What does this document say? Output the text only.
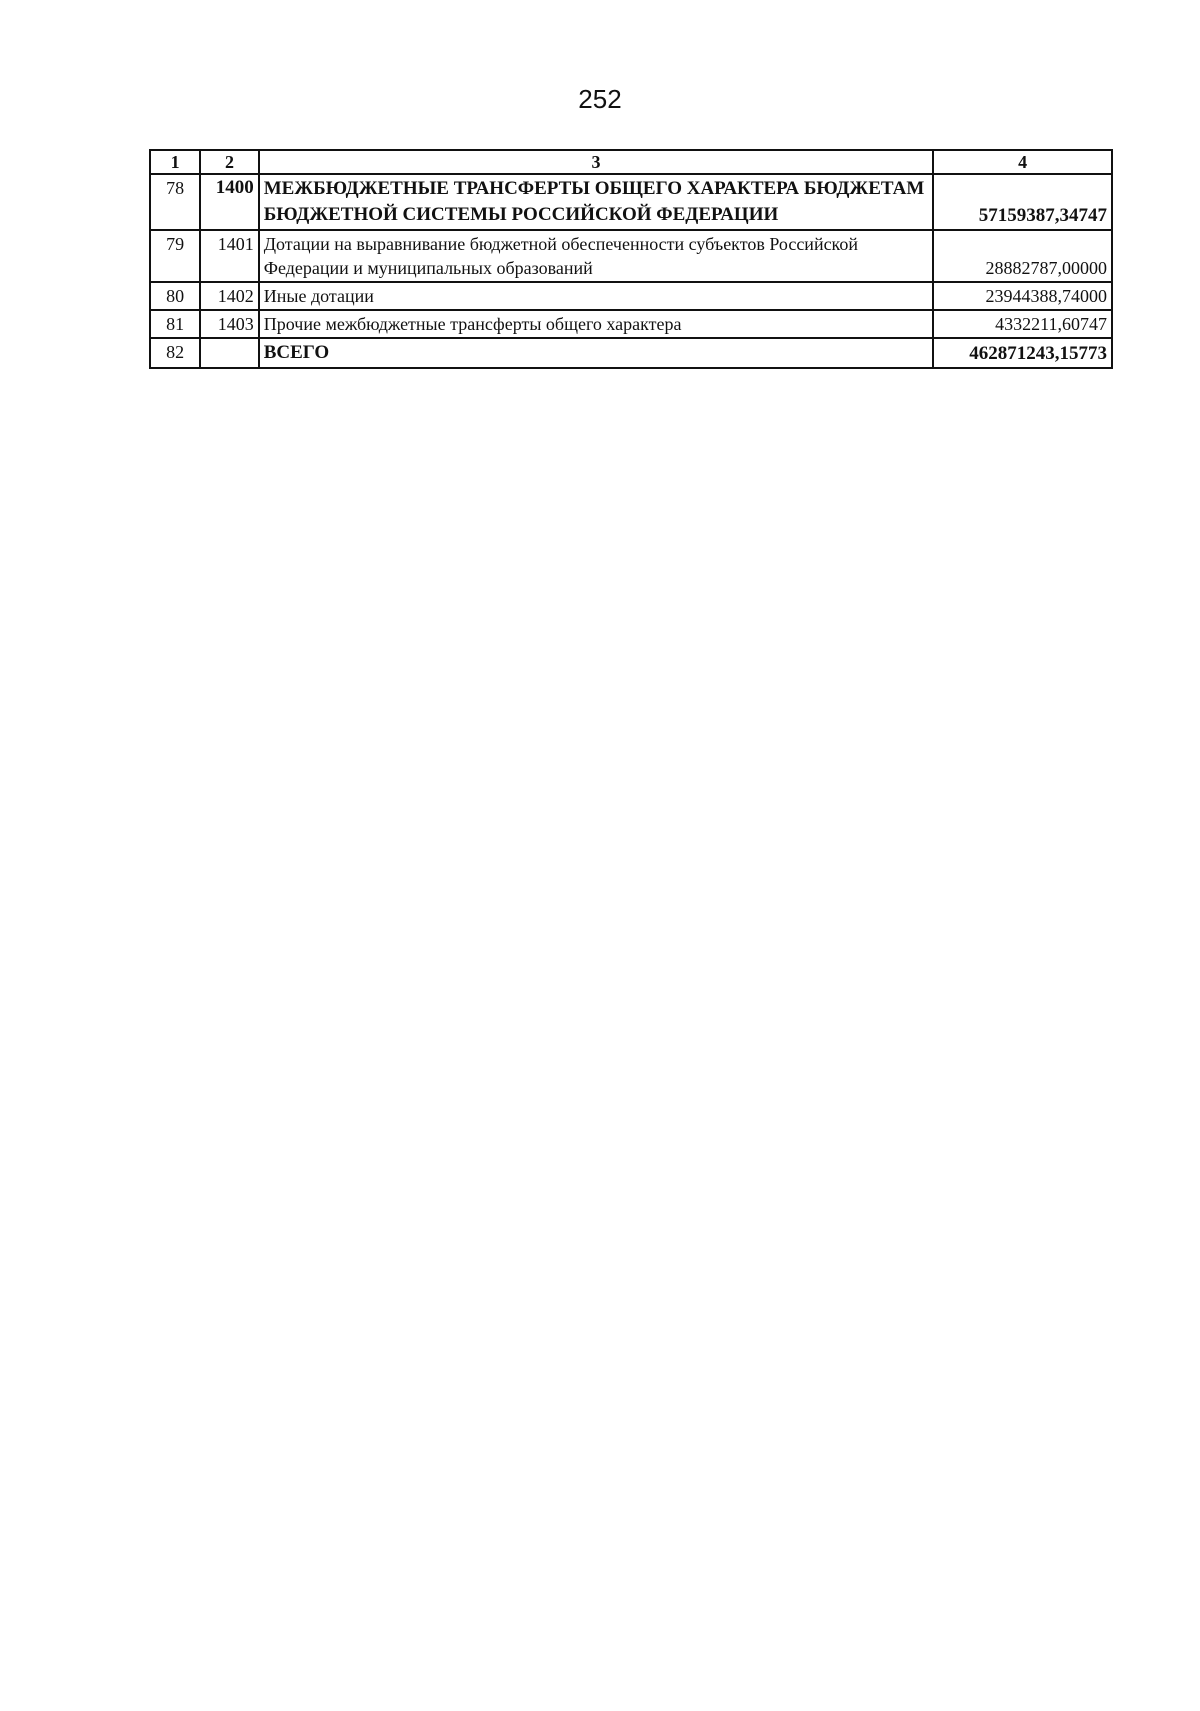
252
1	2	3	4
78	1400	МЕЖБЮДЖЕТНЫЕ ТРАНСФЕРТЫ ОБЩЕГО ХАРАКТЕРА БЮДЖЕТАМ БЮДЖЕТНОЙ СИСТЕМЫ РОССИЙСКОЙ ФЕДЕРАЦИИ	57159387,34747
79	1401	Дотации на выравнивание бюджетной обеспеченности субъектов Российской Федерации и муниципальных образований	28882787,00000
80	1402	Иные дотации	23944388,74000
81	1403	Прочие межбюджетные трансферты общего характера	4332211,60747
82		ВСЕГО	462871243,15773
